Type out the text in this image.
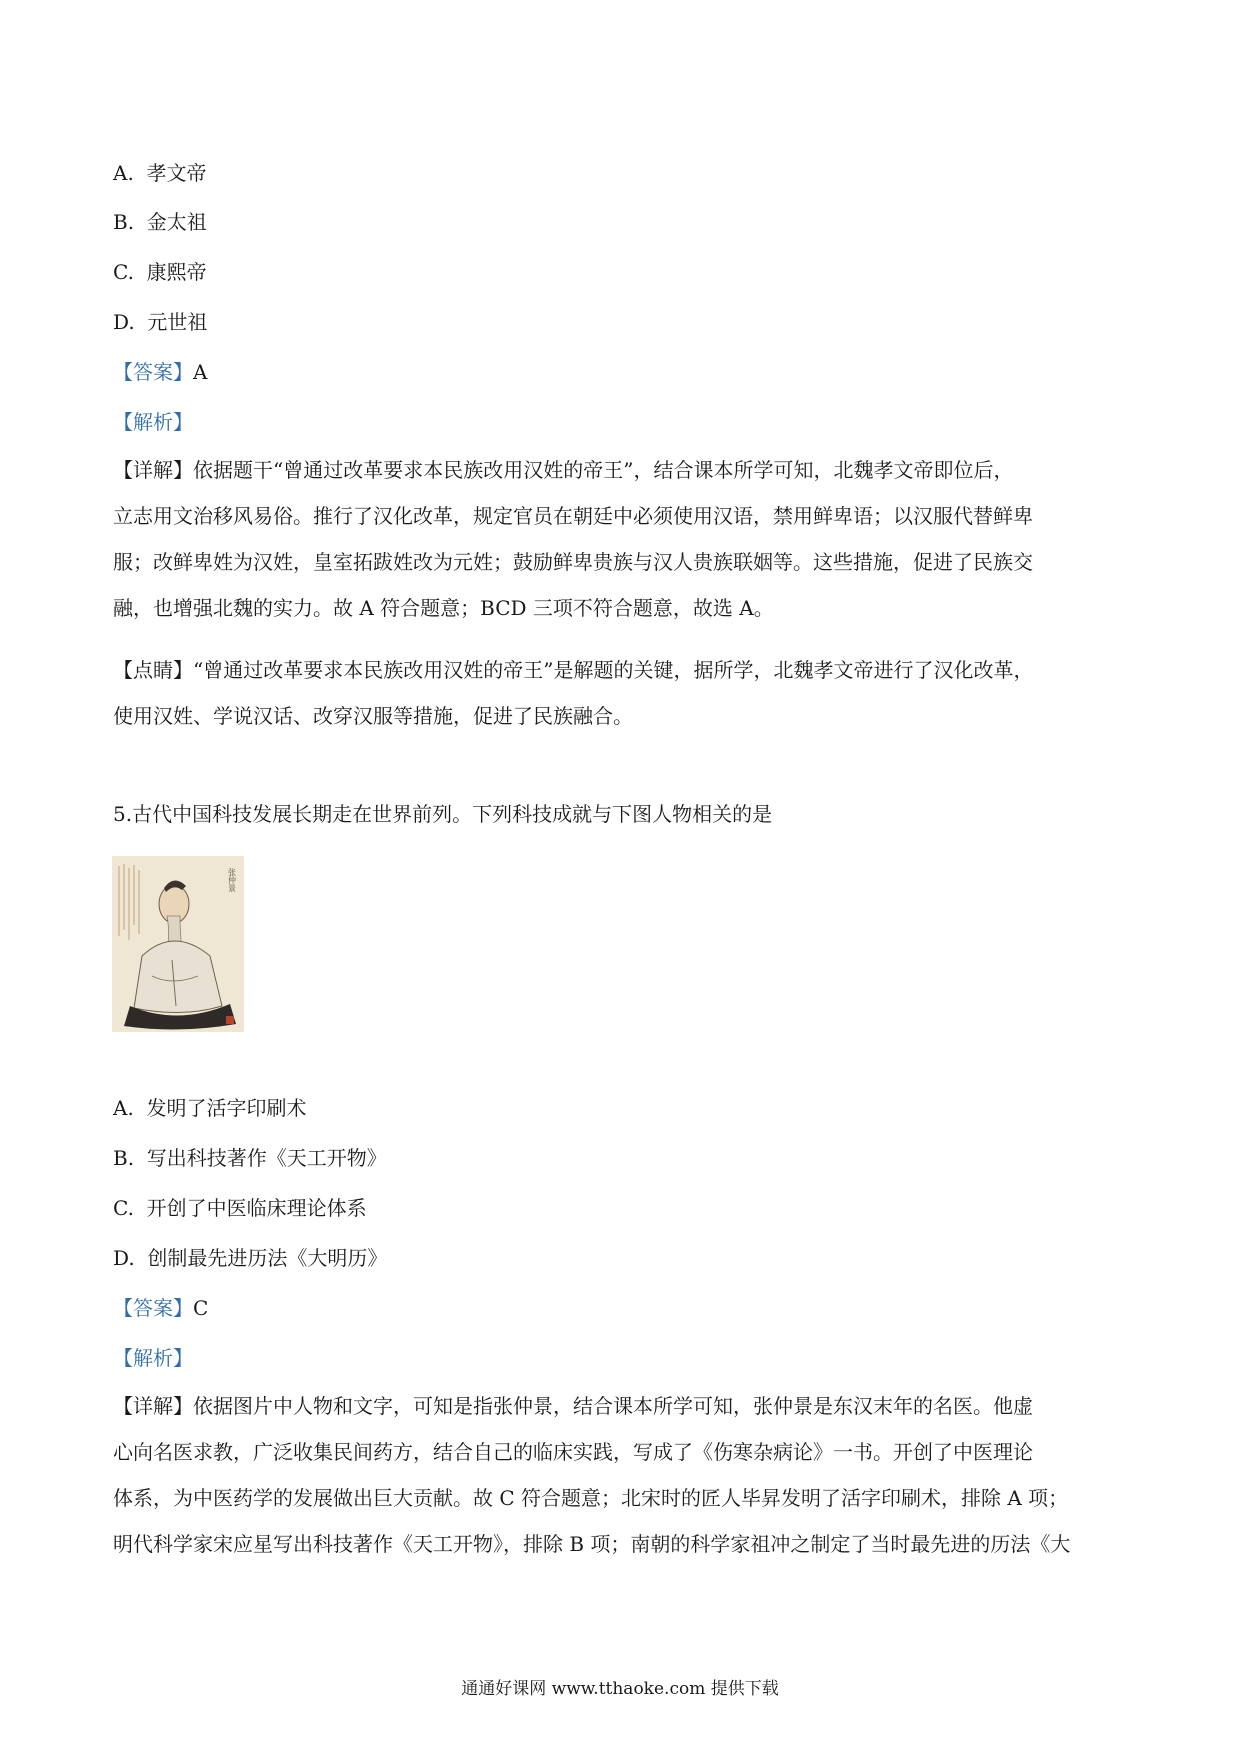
A. 孝文帝
B. 金太祖
C. 康熙帝
D. 元世祖
【答案】A
【解析】
【详解】依据题干“曾通过改革要求本民族改用汉姓的帝王”，结合课本所学可知，北魏孝文帝即位后，
立志用文治移风易俗。推行了汉化改革，规定官员在朝廷中必须使用汉语，禁用鲜卑语；以汉服代替鲜卑
服；改鲜卑姓为汉姓，皇室拓跋姓改为元姓；鼓励鲜卑贵族与汉人贵族联姻等。这些措施，促进了民族交
融，也增强北魏的实力。故 A 符合题意；BCD 三项不符合题意，故选 A。
【点睛】“曾通过改革要求本民族改用汉姓的帝王”是解题的关键，据所学，北魏孝文帝进行了汉化改革，
使用汉姓、学说汉话、改穿汉服等措施，促进了民族融合。
5.古代中国科技发展长期走在世界前列。下列科技成就与下图人物相关的是
张仲景
A. 发明了活字印刷术
B. 写出科技著作《天工开物》
C. 开创了中医临床理论体系
D. 创制最先进历法《大明历》
【答案】C
【解析】
【详解】依据图片中人物和文字，可知是指张仲景，结合课本所学可知，张仲景是东汉末年的名医。他虚
心向名医求教，广泛收集民间药方，结合自己的临床实践，写成了《伤寒杂病论》一书。开创了中医理论
体系，为中医药学的发展做出巨大贡献。故 C 符合题意；北宋时的匠人毕昇发明了活字印刷术，排除 A 项；
明代科学家宋应星写出科技著作《天工开物》，排除 B 项；南朝的科学家祖冲之制定了当时最先进的历法《大
通通好课网 www.tthaoke.com 提供下载
